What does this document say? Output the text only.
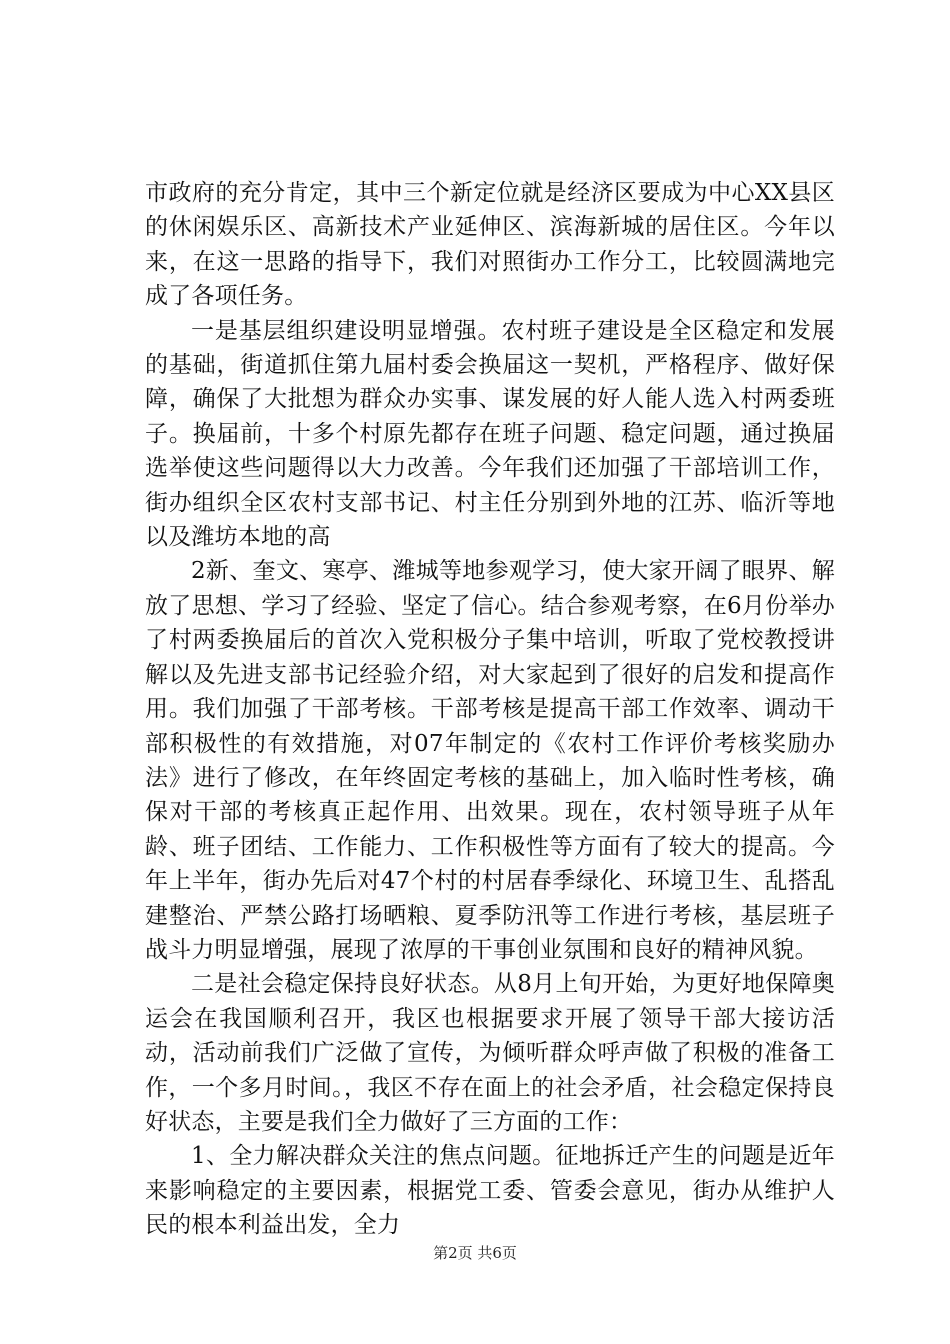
市政府的充分肯定，其中三个新定位就是经济区要成为中心XX县区的休闲娱乐区、高新技术产业延伸区、滨海新城的居住区。今年以来，在这一思路的指导下，我们对照街办工作分工，比较圆满地完成了各项任务。

一是基层组织建设明显增强。农村班子建设是全区稳定和发展的基础，街道抓住第九届村委会换届这一契机，严格程序、做好保障，确保了大批想为群众办实事、谋发展的好人能人选入村两委班子。换届前，十多个村原先都存在班子问题、稳定问题，通过换届选举使这些问题得以大力改善。今年我们还加强了干部培训工作，街办组织全区农村支部书记、村主任分别到外地的江苏、临沂等地以及潍坊本地的高

2新、奎文、寒亭、潍城等地参观学习，使大家开阔了眼界、解放了思想、学习了经验、坚定了信心。结合参观考察，在6月份举办了村两委换届后的首次入党积极分子集中培训，听取了党校教授讲解以及先进支部书记经验介绍，对大家起到了很好的启发和提高作用。我们加强了干部考核。干部考核是提高干部工作效率、调动干部积极性的有效措施，对07年制定的《农村工作评价考核奖励办法》进行了修改，在年终固定考核的基础上，加入临时性考核，确保对干部的考核真正起作用、出效果。现在，农村领导班子从年龄、班子团结、工作能力、工作积极性等方面有了较大的提高。今年上半年，街办先后对47个村的村居春季绿化、环境卫生、乱搭乱建整治、严禁公路打场晒粮、夏季防汛等工作进行考核，基层班子战斗力明显增强，展现了浓厚的干事创业氛围和良好的精神风貌。

二是社会稳定保持良好状态。从8月上旬开始，为更好地保障奥运会在我国顺利召开，我区也根据要求开展了领导干部大接访活动，活动前我们广泛做了宣传，为倾听群众呼声做了积极的准备工作，一个多月时间。，我区不存在面上的社会矛盾，社会稳定保持良好状态，主要是我们全力做好了三方面的工作：

1、全力解决群众关注的焦点问题。征地拆迁产生的问题是近年来影响稳定的主要因素，根据党工委、管委会意见，街办从维护人民的根本利益出发，全力

第2页 共6页
